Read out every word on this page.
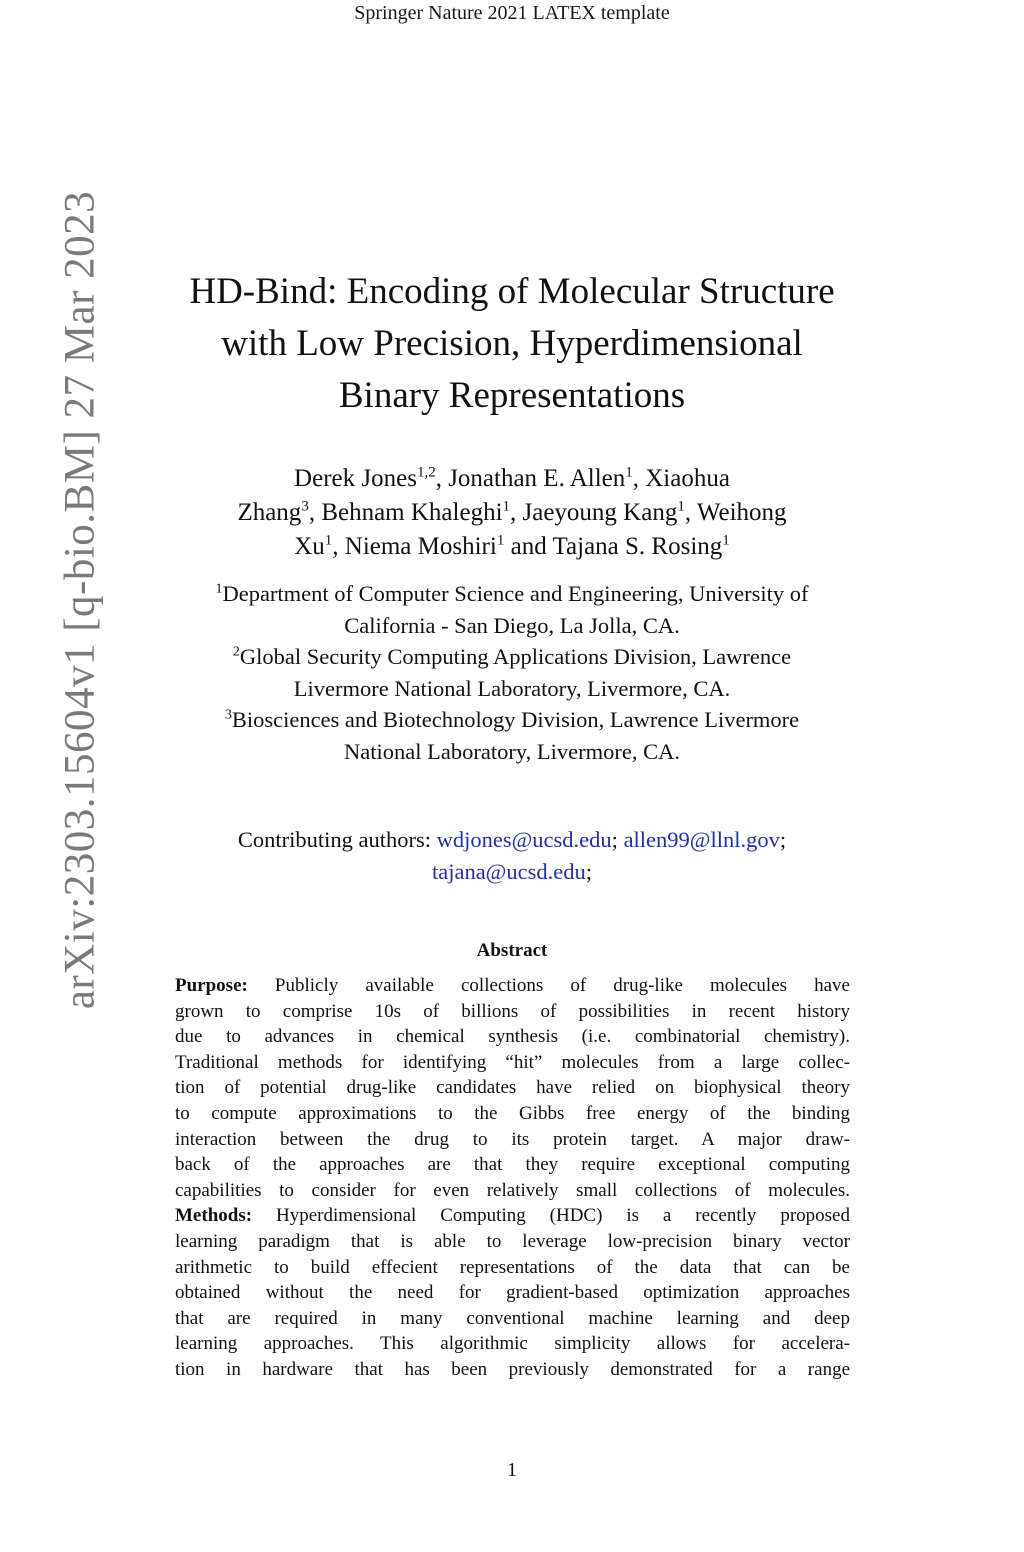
Springer Nature 2021 LATEX template
arXiv:2303.15604v1 [q-bio.BM] 27 Mar 2023	HD-Bind: Encoding of Molecular Structure
with Low Precision, Hyperdimensional
Binary Representations
Derek Jones$^{1,2}$, Jonathan E. Allen$^1$, Xiaohua
Zhang$^3$, Behnam Khaleghi$^1$, Jaeyoung Kang$^1$, Weihong
Xu$^1$, Niema Moshiri$^1$ and Tajana S. Rosing$^1$
$^1$Department of Computer Science and Engineering, University of
California - San Diego, La Jolla, CA.
$^2$Global Security Computing Applications Division, Lawrence
Livermore National Laboratory, Livermore, CA.
$^3$Biosciences and Biotechnology Division, Lawrence Livermore
National Laboratory, Livermore, CA.
Contributing authors: wdjones@ucsd.edu; allen99@llnl.gov;
tajana@ucsd.edu;
Abstract
Purpose: Publicly available collections of drug-like molecules have
grown to comprise 10s of billions of possibilities in recent history
due to advances in chemical synthesis (i.e. combinatorial chemistry).
Traditional methods for identifying “hit” molecules from a large collec-
tion of potential drug-like candidates have relied on biophysical theory
to compute approximations to the Gibbs free energy of the binding
interaction between the drug to its protein target. A major draw-
back of the approaches are that they require exceptional computing
capabilities to consider for even relatively small collections of molecules.
Methods: Hyperdimensional Computing (HDC) is a recently proposed
learning paradigm that is able to leverage low-precision binary vector
arithmetic to build effecient representations of the data that can be
obtained without the need for gradient-based optimization approaches
that are required in many conventional machine learning and deep
learning approaches. This algorithmic simplicity allows for accelera-
tion in hardware that has been previously demonstrated for a range
1
